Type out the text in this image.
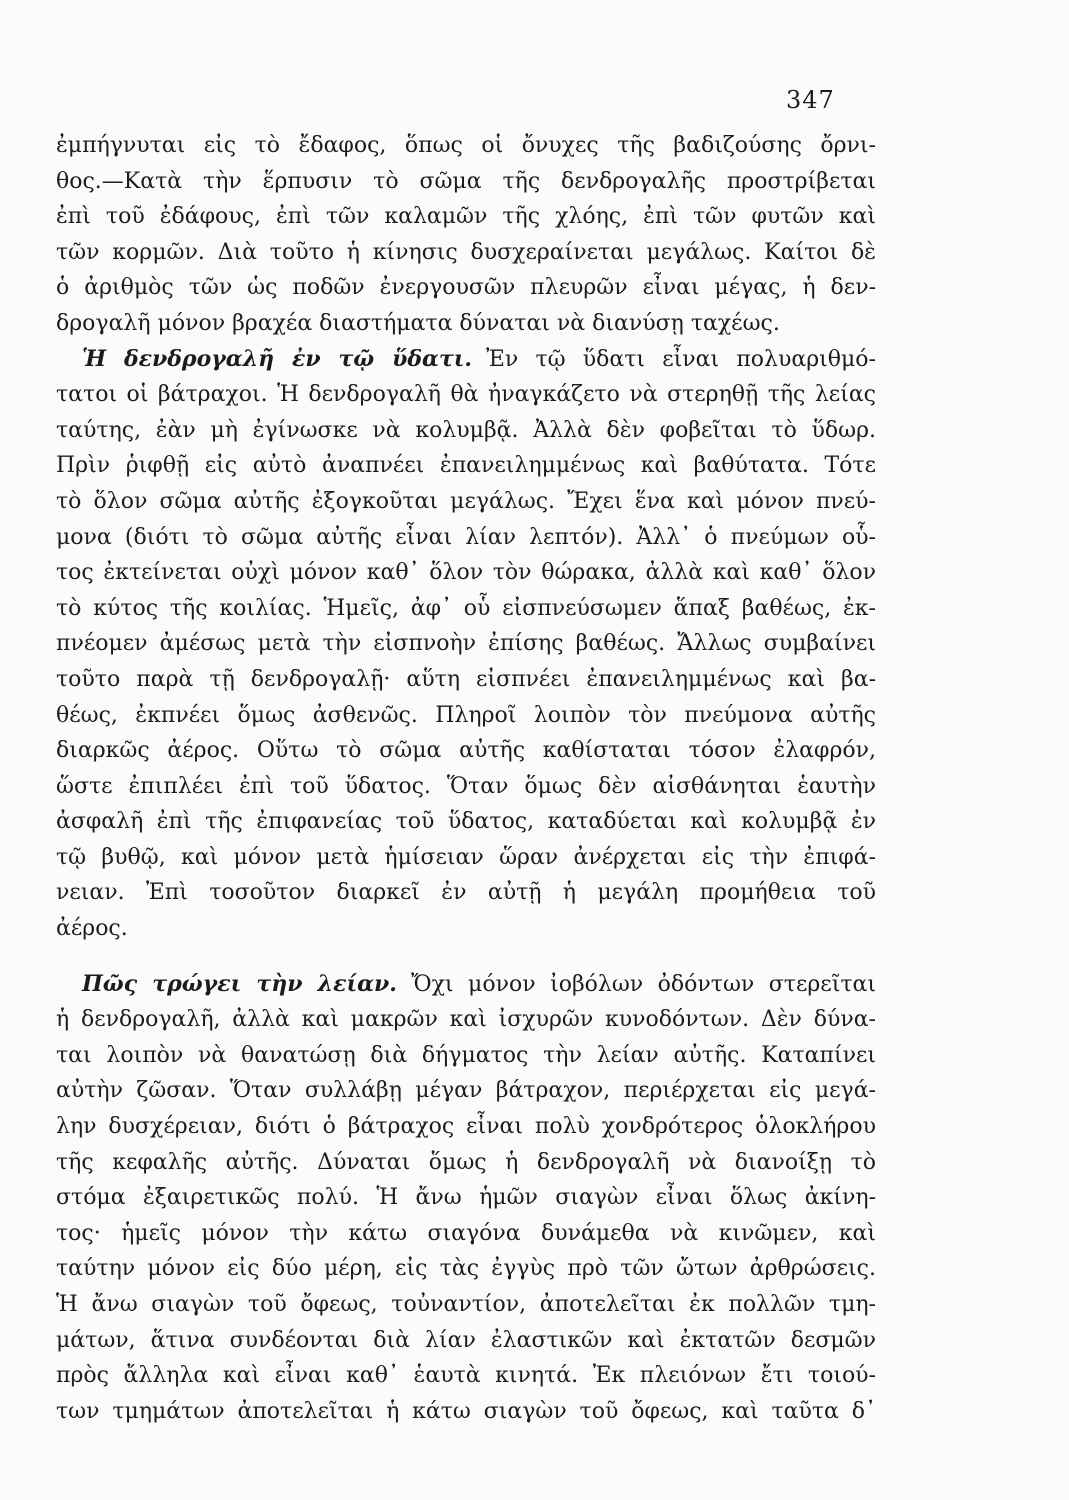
347
ἐμπήγνυται εἰς τὸ ἔδαφος, ὅπως οἱ ὄνυχες τῆς βαδιζούσης ὄρνι-
θος.—Κατὰ τὴν ἕρπυσιν τὸ σῶμα τῆς δενδρογαλῆς προστρίβεται
ἐπὶ τοῦ ἐδάφους, ἐπὶ τῶν καλαμῶν τῆς χλόης, ἐπὶ τῶν φυτῶν καὶ
τῶν κορμῶν. Διὰ τοῦτο ἡ κίνησις δυσχεραίνεται μεγάλως. Καίτοι δὲ
ὁ ἀριθμὸς τῶν ὡς ποδῶν ἐνεργουσῶν πλευρῶν εἶναι μέγας, ἡ δεν-
δρογαλῆ μόνον βραχέα διαστήματα δύναται νὰ διανύσῃ ταχέως.
Ἡ δενδρογαλῆ ἐν τῷ ὕδατι. Ἐν τῷ ὕδατι εἶναι πολυαριθμό-
τατοι οἱ βάτραχοι. Ἡ δενδρογαλῆ θὰ ἠναγκάζετο νὰ στερηθῇ τῆς λείας
ταύτης, ἐὰν μὴ ἐγίνωσκε νὰ κολυμβᾷ. Ἀλλὰ δὲν φοβεῖται τὸ ὕδωρ.
Πρὶν ῥιφθῇ εἰς αὐτὸ ἀναπνέει ἐπανειλημμένως καὶ βαθύτατα. Τότε
τὸ ὅλον σῶμα αὐτῆς ἐξογκοῦται μεγάλως. Ἔχει ἕνα καὶ μόνον πνεύ-
μονα (διότι τὸ σῶμα αὐτῆς εἶναι λίαν λεπτόν). Ἀλλ᾽ ὁ πνεύμων οὗ-
τος ἐκτείνεται οὐχὶ μόνον καθ᾽ ὅλον τὸν θώρακα, ἀλλὰ καὶ καθ᾽ ὅλον
τὸ κύτος τῆς κοιλίας. Ἡμεῖς, ἀφ᾽ οὗ εἰσπνεύσωμεν ἅπαξ βαθέως, ἐκ-
πνέομεν ἀμέσως μετὰ τὴν εἰσπνοὴν ἐπίσης βαθέως. Ἄλλως συμβαίνει
τοῦτο παρὰ τῇ δενδρογαλῇ· αὕτη εἰσπνέει ἐπανειλημμένως καὶ βα-
θέως, ἐκπνέει ὅμως ἀσθενῶς. Πληροῖ λοιπὸν τὸν πνεύμονα αὐτῆς
διαρκῶς ἀέρος. Οὕτω τὸ σῶμα αὐτῆς καθίσταται τόσον ἐλαφρόν,
ὥστε ἐπιπλέει ἐπὶ τοῦ ὕδατος. Ὅταν ὅμως δὲν αἰσθάνηται ἑαυτὴν
ἀσφαλῆ ἐπὶ τῆς ἐπιφανείας τοῦ ὕδατος, καταδύεται καὶ κολυμβᾷ ἐν
τῷ βυθῷ, καὶ μόνον μετὰ ἡμίσειαν ὥραν ἀνέρχεται εἰς τὴν ἐπιφά-
νειαν. Ἐπὶ τοσοῦτον διαρκεῖ ἐν αὐτῇ ἡ μεγάλη προμήθεια τοῦ
ἀέρος.
Πῶς τρώγει τὴν λείαν. Ὄχι μόνον ἰοβόλων ὀδόντων στερεῖται
ἡ δενδρογαλῆ, ἀλλὰ καὶ μακρῶν καὶ ἰσχυρῶν κυνοδόντων. Δὲν δύνα-
ται λοιπὸν νὰ θανατώσῃ διὰ δήγματος τὴν λείαν αὐτῆς. Καταπίνει
αὐτὴν ζῶσαν. Ὅταν συλλάβῃ μέγαν βάτραχον, περιέρχεται εἰς μεγά-
λην δυσχέρειαν, διότι ὁ βάτραχος εἶναι πολὺ χονδρότερος ὁλοκλήρου
τῆς κεφαλῆς αὐτῆς. Δύναται ὅμως ἡ δενδρογαλῆ νὰ διανοίξῃ τὸ
στόμα ἐξαιρετικῶς πολύ. Ἡ ἄνω ἡμῶν σιαγὼν εἶναι ὅλως ἀκίνη-
τος· ἡμεῖς μόνον τὴν κάτω σιαγόνα δυνάμεθα νὰ κινῶμεν, καὶ
ταύτην μόνον εἰς δύο μέρη, εἰς τὰς ἐγγὺς πρὸ τῶν ὤτων ἀρθρώσεις.
Ἡ ἄνω σιαγὼν τοῦ ὄφεως, τοὐναντίον, ἀποτελεῖται ἐκ πολλῶν τμη-
μάτων, ἅτινα συνδέονται διὰ λίαν ἐλαστικῶν καὶ ἐκτατῶν δεσμῶν
πρὸς ἄλληλα καὶ εἶναι καθ᾽ ἑαυτὰ κινητά. Ἐκ πλειόνων ἔτι τοιού-
των τμημάτων ἀποτελεῖται ἡ κάτω σιαγὼν τοῦ ὄφεως, καὶ ταῦτα δ᾽
